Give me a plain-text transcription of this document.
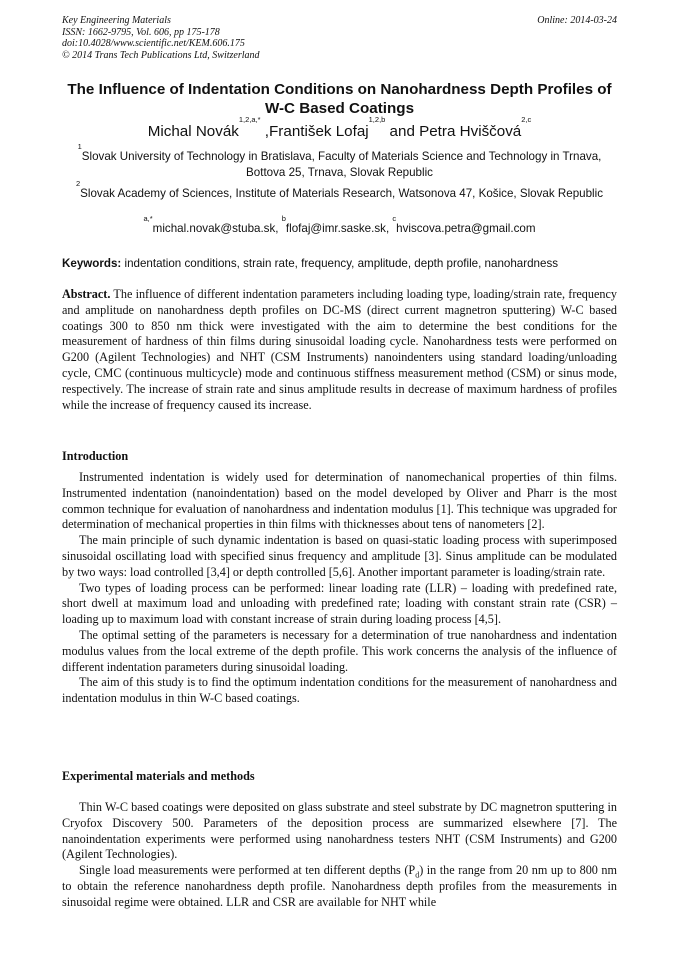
Key Engineering Materials
ISSN: 1662-9795, Vol. 606, pp 175-178
doi:10.4028/www.scientific.net/KEM.606.175
© 2014 Trans Tech Publications Ltd, Switzerland
Online: 2014-03-24
The Influence of Indentation Conditions on Nanohardness Depth Profiles of W-C Based Coatings
Michal Novák$^{1,2,a,*}$ ,František Lofaj$^{1,2,b}$ and Petra Hviščová$^{2,c}$
$^1$Slovak University of Technology in Bratislava, Faculty of Materials Science and Technology in Trnava, Bottova 25, Trnava, Slovak Republic
$^2$Slovak Academy of Sciences, Institute of Materials Research, Watsonova 47, Košice, Slovak Republic
$^{a,*}$michal.novak@stuba.sk, $^b$flofaj@imr.saske.sk, $^c$hviscova.petra@gmail.com
Keywords: indentation conditions, strain rate, frequency, amplitude, depth profile, nanohardness
Abstract. The influence of different indentation parameters including loading type, loading/strain rate, frequency and amplitude on nanohardness depth profiles on DC-MS (direct current magnetron sputtering) W-C based coatings 300 to 850 nm thick were investigated with the aim to determine the best conditions for the measurement of hardness of thin films during sinusoidal loading cycle. Nanohardness tests were performed on G200 (Agilent Technologies) and NHT (CSM Instruments) nanoindenters using standard loading/unloading cycle, CMC (continuous multicycle) mode and continuous stiffness measurement method (CSM) or sinus mode, respectively. The increase of strain rate and sinus amplitude results in decrease of maximum hardness of profiles while the increase of frequency caused its increase.
Introduction

Instrumented indentation is widely used for determination of nanomechanical properties of thin films. Instrumented indentation (nanoindentation) based on the model developed by Oliver and Pharr is the most common technique for evaluation of nanohardness and indentation modulus [1]. This technique was upgraded for determination of mechanical properties in thin films with thicknesses about tens of nanometers [2].

The main principle of such dynamic indentation is based on quasi-static loading process with superimposed sinusoidal oscillating load with specified sinus frequency and amplitude [3]. Sinus amplitude can be modulated by two ways: load controlled [3,4] or depth controlled [5,6]. Another important parameter is loading/strain rate.

Two types of loading process can be performed: linear loading rate (LLR) – loading with predefined rate, short dwell at maximum load and unloading with predefined rate; loading with constant strain rate (CSR) – loading up to maximum load with constant increase of strain during loading process [4,5].

The optimal setting of the parameters is necessary for a determination of true nanohardness and indentation modulus values from the local extreme of the depth profile. This work concerns the analysis of the influence of different indentation parameters during sinusoidal loading.

The aim of this study is to find the optimum indentation conditions for the measurement of nanohardness and indentation modulus in thin W-C based coatings.

Experimental materials and methods

Thin W-C based coatings were deposited on glass substrate and steel substrate by DC magnetron sputtering in Cryofox Discovery 500. Parameters of the deposition process are summarized elsewhere [7]. The nanoindentation experiments were performed using nanohardness testers NHT (CSM Instruments) and G200 (Agilent Technologies).

Single load measurements were performed at ten different depths $(P_d)$ in the range from 20 nm up to 800 nm to obtain the reference nanohardness depth profile. Nanohardness depth profiles from the measurements in sinusoidal regime were obtained. LLR and CSR are available for NHT while
